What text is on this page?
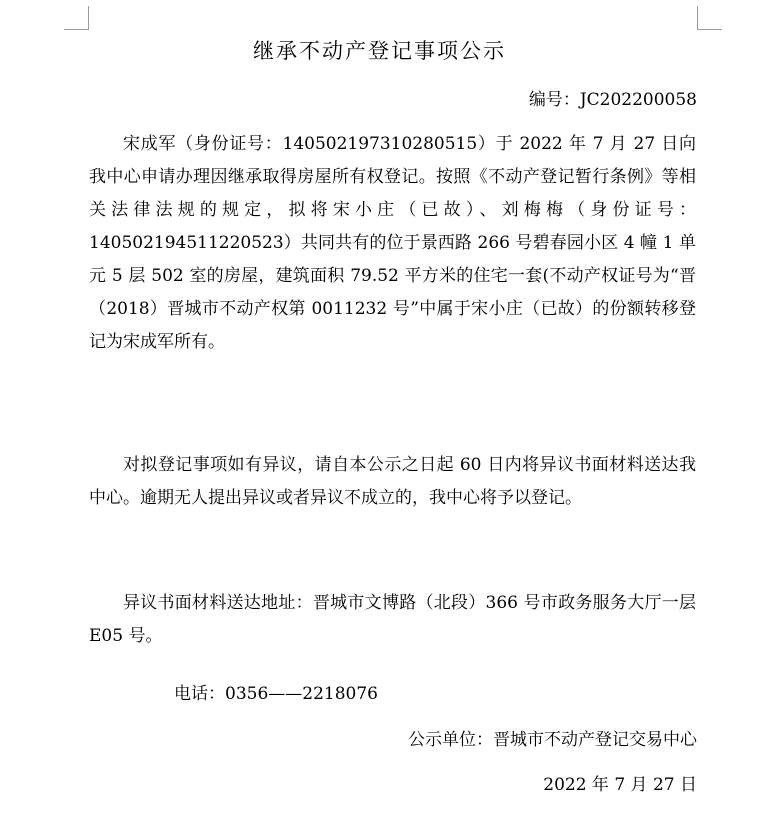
继承不动产登记事项公示
编号：JC202200058

宋成军（身份证号：140502197310280515）于 2022 年 7 月 27 日向我中心申请办理因继承取得房屋所有权登记。按照《不动产登记暂行条例》等相关法律法规的规定，拟将宋小庄（已故）、刘梅梅（身份证号：140502194511220523）共同共有的位于景西路 266 号碧春园小区 4 幢 1 单元 5 层 502 室的房屋，建筑面积 79.52 平方米的住宅一套(不动产权证号为“晋（2018）晋城市不动产权第 0011232 号”中属于宋小庄（已故）的份额转移登记为宋成军所有。

对拟登记事项如有异议，请自本公示之日起 60 日内将异议书面材料送达我中心。逾期无人提出异议或者异议不成立的，我中心将予以登记。

异议书面材料送达地址：晋城市文博路（北段）366 号市政务服务大厅一层 E05 号。

电话：0356——2218076
公示单位：晋城市不动产登记交易中心
2022 年 7 月 27 日
